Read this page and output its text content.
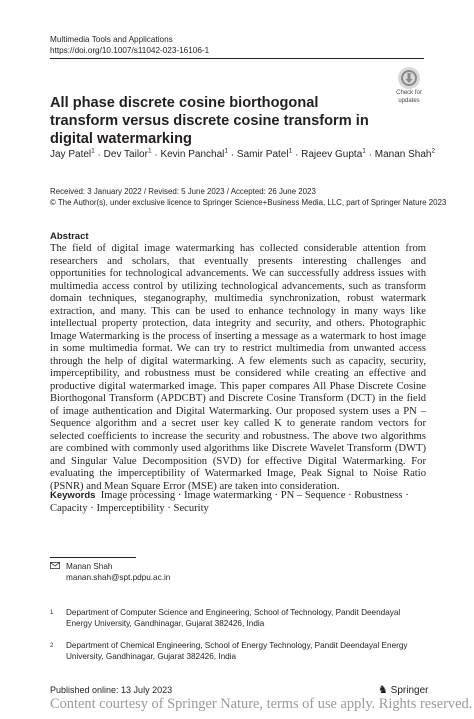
Multimedia Tools and Applications
https://doi.org/10.1007/s11042-023-16106-1
Check for
updates
All phase discrete cosine biorthogonal transform versus discrete cosine transform in digital watermarking
Jay Patel$^1$ · Dev Tailor$^1$ · Kevin Panchal$^1$ · Samir Patel$^1$ · Rajeev Gupta$^1$ · Manan Shah$^2$
Received: 3 January 2022 / Revised: 5 June 2023 / Accepted: 26 June 2023
© The Author(s), under exclusive licence to Springer Science+Business Media, LLC, part of Springer Nature 2023
Abstract
The field of digital image watermarking has collected considerable attention from researchers and scholars, that eventually presents interesting challenges and opportunities for technological advancements. We can successfully address issues with multimedia access control by utilizing technological advancements, such as transform domain techniques, steganography, multimedia synchronization, robust watermark extraction, and many. This can be used to enhance technology in many ways like intellectual property protection, data integrity and security, and others. Photographic Image Watermarking is the process of inserting a message as a watermark to host image in some multimedia format. We can try to restrict multimedia from unwanted access through the help of digital watermarking. A few elements such as capacity, security, imperceptibility, and robustness must be considered while creating an effective and productive digital watermarked image. This paper compares All Phase Discrete Cosine Biorthogonal Transform (APDCBT) and Discrete Cosine Transform (DCT) in the field of image authentication and Digital Watermarking. Our proposed system uses a PN – Sequence algorithm and a secret user key called K to generate random vectors for selected coefficients to increase the security and robustness. The above two algorithms are combined with commonly used algorithms like Discrete Wavelet Transform (DWT) and Singular Value Decomposition (SVD) for effective Digital Watermarking. For evaluating the imperceptibility of Watermarked Image, Peak Signal to Noise Ratio (PSNR) and Mean Square Error (MSE) are taken into consideration.
Keywords Image processing · Image watermarking · PN – Sequence · Robustness · Capacity · Imperceptibility · Security
Manan Shah
manan.shah@spt.pdpu.ac.in
1 Department of Computer Science and Engineering, School of Technology, Pandit Deendayal Energy University, Gandhinagar, Gujarat 382426, India
2 Department of Chemical Engineering, School of Energy Technology, Pandit Deendayal Energy University, Gandhinagar, Gujarat 382426, India
Published online: 13 July 2023	♞ Springer
Content courtesy of Springer Nature, terms of use apply. Rights reserved.
